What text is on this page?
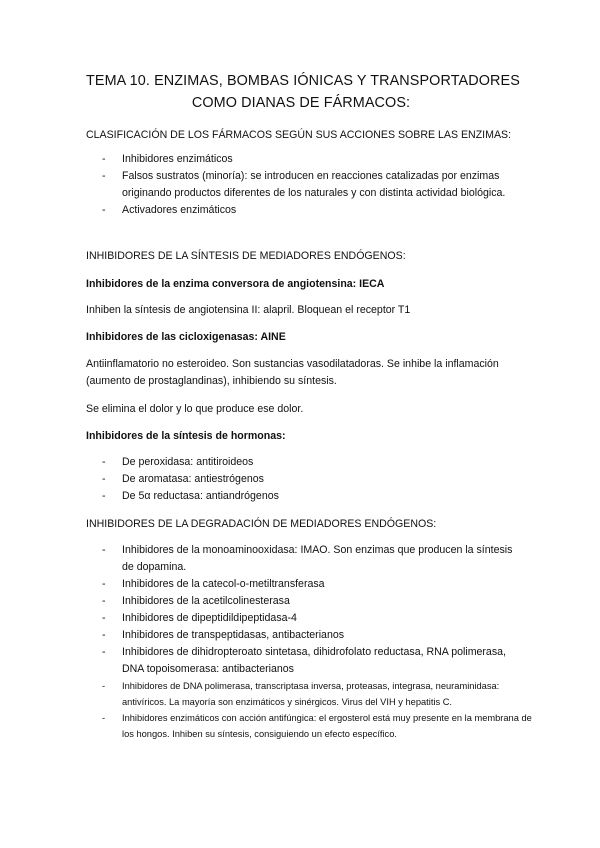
TEMA 10. ENZIMAS, BOMBAS IÓNICAS Y TRANSPORTADORES
COMO DIANAS DE FÁRMACOS:
CLASIFICACIÓN DE LOS FÁRMACOS SEGÚN SUS ACCIONES SOBRE LAS ENZIMAS:
- Inhibidores enzimáticos
- Falsos sustratos (minoría): se introducen en reacciones catalizadas por enzimas originando productos diferentes de los naturales y con distinta actividad biológica.
- Activadores enzimáticos
INHIBIDORES DE LA SÍNTESIS DE MEDIADORES ENDÓGENOS:
Inhibidores de la enzima conversora de angiotensina: IECA
Inhiben la síntesis de angiotensina II: alapril. Bloquean el receptor T1
Inhibidores de las cicloxigenasas: AINE
Antiinflamatorio no esteroideo. Son sustancias vasodilatadoras. Se inhibe la inflamación (aumento de prostaglandinas), inhibiendo su síntesis.
Se elimina el dolor y lo que produce ese dolor.
Inhibidores de la síntesis de hormonas:
- De peroxidasa: antitiroideos
- De aromatasa: antiestrógenos
- De 5α reductasa: antiandrógenos
INHIBIDORES DE LA DEGRADACIÓN DE MEDIADORES ENDÓGENOS:
- Inhibidores de la monoaminooxidasa: IMAO. Son enzimas que producen la síntesis de dopamina.
- Inhibidores de la catecol-o-metiltransferasa
- Inhibidores de la acetilcolinesterasa
- Inhibidores de dipeptidildipeptidasa-4
- Inhibidores de transpeptidasas, antibacterianos
- Inhibidores de dihidropteroato sintetasa, dihidrofolato reductasa, RNA polimerasa, DNA topoisomerasa: antibacterianos
- Inhibidores de DNA polimerasa, transcriptasa inversa, proteasas, integrasa, neuraminidasa: antivíricos. La mayoría son enzimáticos y sinérgicos. Virus del VIH y hepatitis C.
- Inhibidores enzimáticos con acción antifúngica: el ergosterol está muy presente en la membrana de los hongos. Inhiben su síntesis, consiguiendo un efecto específico.
